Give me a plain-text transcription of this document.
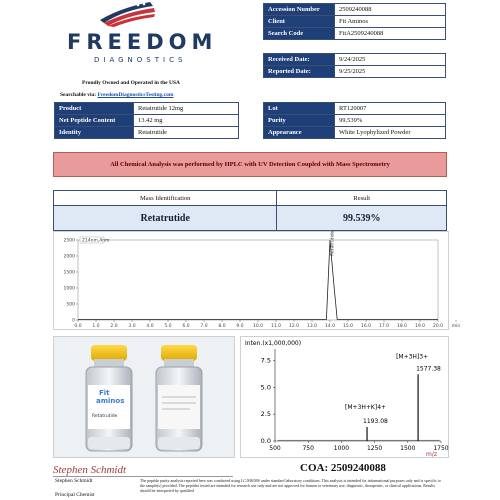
FREEDOM
DIAGNOSTICS
Proudly Owned and Operated in the USA
Searchable via: FreedomDiagnosticsTesting.com
Accession Number	2509240088
Client	Fit Aminos
Search Code	FitA2509240088
Received Date:	9/24/2025
Reported Date:	9/25/2025
Product	Retatrutide 12mg
Net Peptide Content	13.42 mg
Identity	Retatrutide
Lot	RT120007
Purity	99.539%
Appearance	White Lyophylized Powder
All Chemical Analysis was performed by HPLC with UV Detection Coupled with Mass Spectrometry
Mass Identification	Result
Retatrutide	99.539%
2500
2000
1500
1000
500
0
0.0 1.0 2.0 3.0 4.0 5.0 6.0 7.0 8.0 9.0 10.0 11.0 12.0 13.0 14.0 15.0 16.0 17.0 18.0 19.0 20.0 min
214nm,4nm	Retatrutide
Fit
aminos
Retatrutide
Inten.(x1,000,000)
7.5
5.0
2.5
0.0
500	750	1000	1250	1500	1750
m/z
[M+3H+K]4+
1193.08
[M+3H]3+
1577.38
Stephen Schmidt	COA: 2509240088
Stephen Schmidt
Principal Chemist
The peptide purity analysis reported here was conducted using LC/MS/MS under standard laboratory conditions. This analysis is intended for informational purposes only and is specific to the sample(s) provided. The peptides tested are intended for research use only and are not approved for human or veterinary use, diagnostic, therapeutic, or clinical applications. Results should be interpreted by qualified
